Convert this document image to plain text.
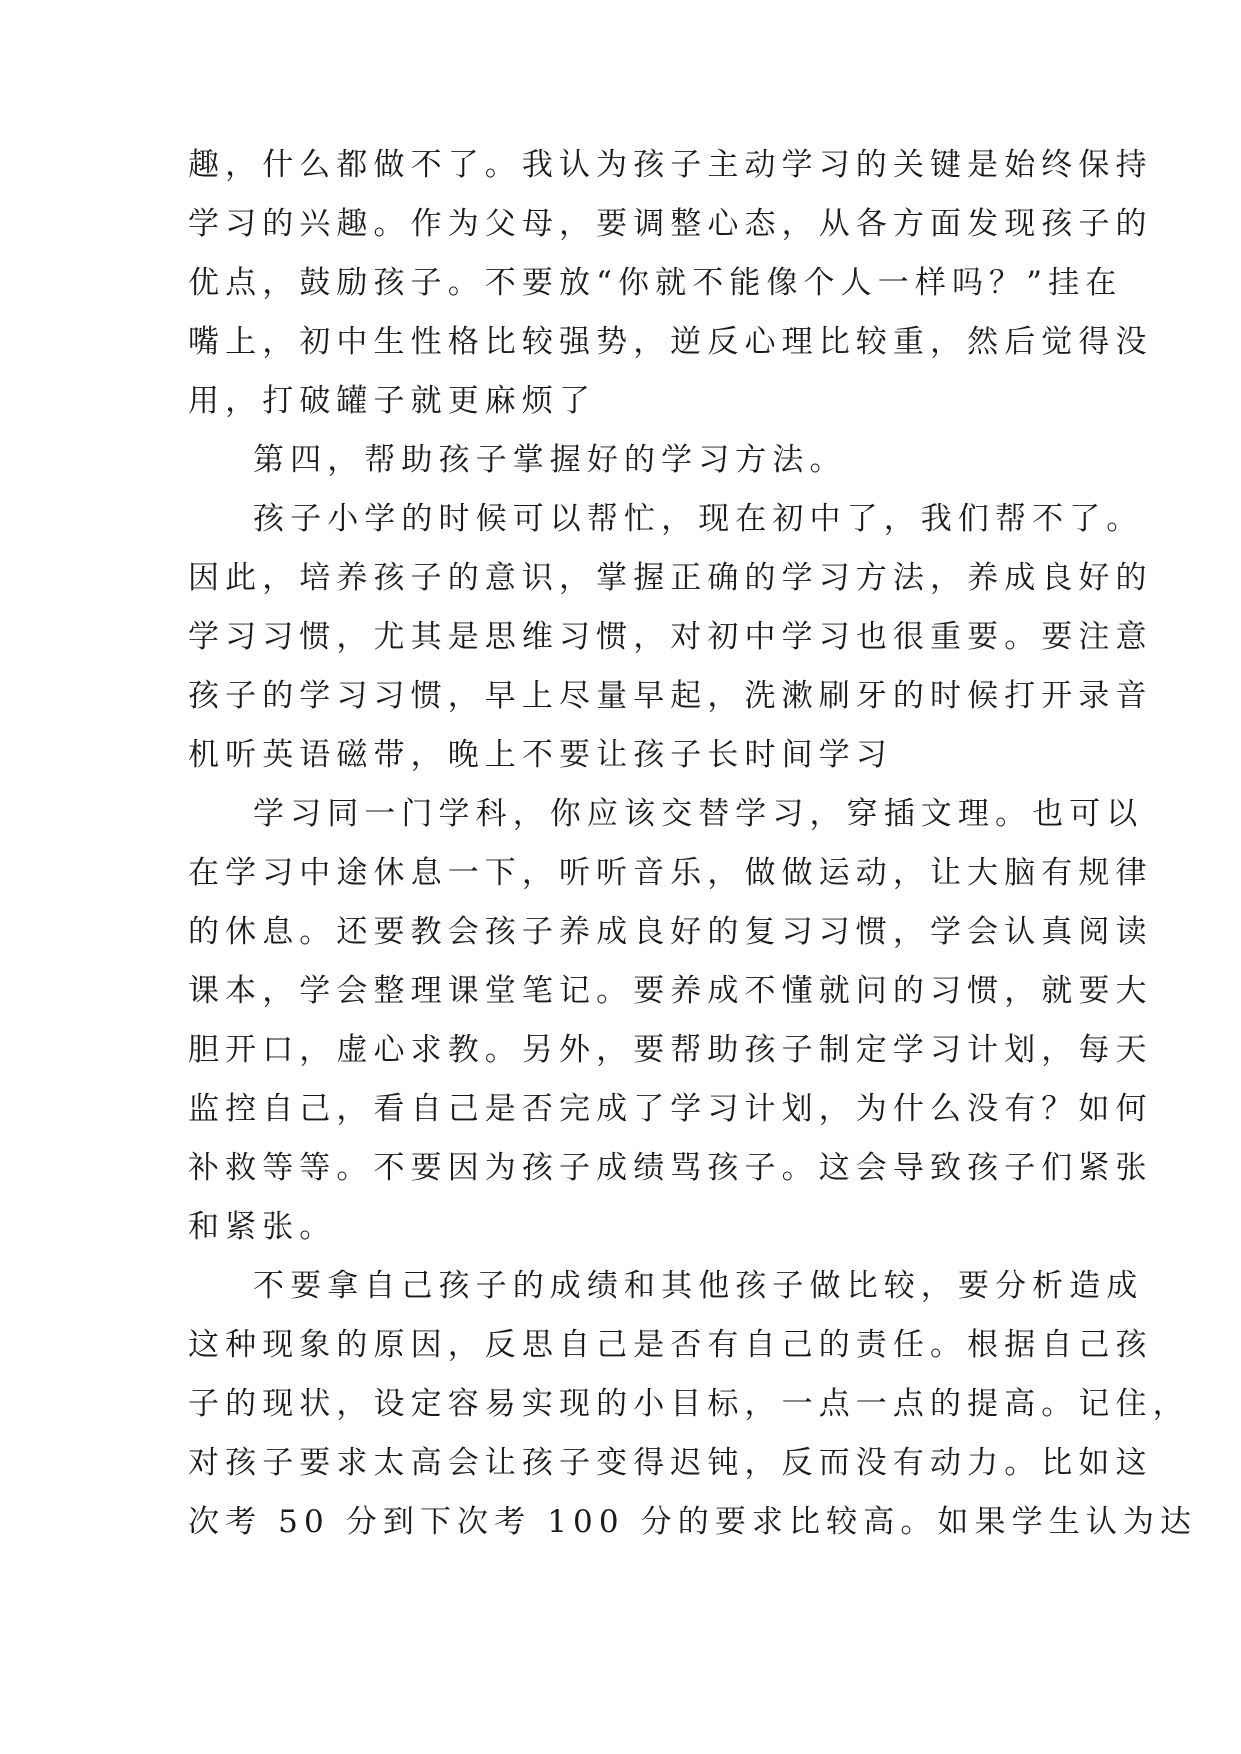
趣，什么都做不了。我认为孩子主动学习的关键是始终保持
学习的兴趣。作为父母，要调整心态，从各方面发现孩子的
优点，鼓励孩子。不要放“你就不能像个人一样吗？”挂在
嘴上，初中生性格比较强势，逆反心理比较重，然后觉得没
用，打破罐子就更麻烦了
第四，帮助孩子掌握好的学习方法。
孩子小学的时候可以帮忙，现在初中了，我们帮不了。
因此，培养孩子的意识，掌握正确的学习方法，养成良好的
学习习惯，尤其是思维习惯，对初中学习也很重要。要注意
孩子的学习习惯，早上尽量早起，洗漱刷牙的时候打开录音
机听英语磁带，晚上不要让孩子长时间学习
学习同一门学科，你应该交替学习，穿插文理。也可以
在学习中途休息一下，听听音乐，做做运动，让大脑有规律
的休息。还要教会孩子养成良好的复习习惯，学会认真阅读
课本，学会整理课堂笔记。要养成不懂就问的习惯，就要大
胆开口，虚心求教。另外，要帮助孩子制定学习计划，每天
监控自己，看自己是否完成了学习计划，为什么没有？如何
补救等等。不要因为孩子成绩骂孩子。这会导致孩子们紧张
和紧张。
不要拿自己孩子的成绩和其他孩子做比较，要分析造成
这种现象的原因，反思自己是否有自己的责任。根据自己孩
子的现状，设定容易实现的小目标，一点一点的提高。记住，
对孩子要求太高会让孩子变得迟钝，反而没有动力。比如这
次考 50 分到下次考 100 分的要求比较高。如果学生认为达
